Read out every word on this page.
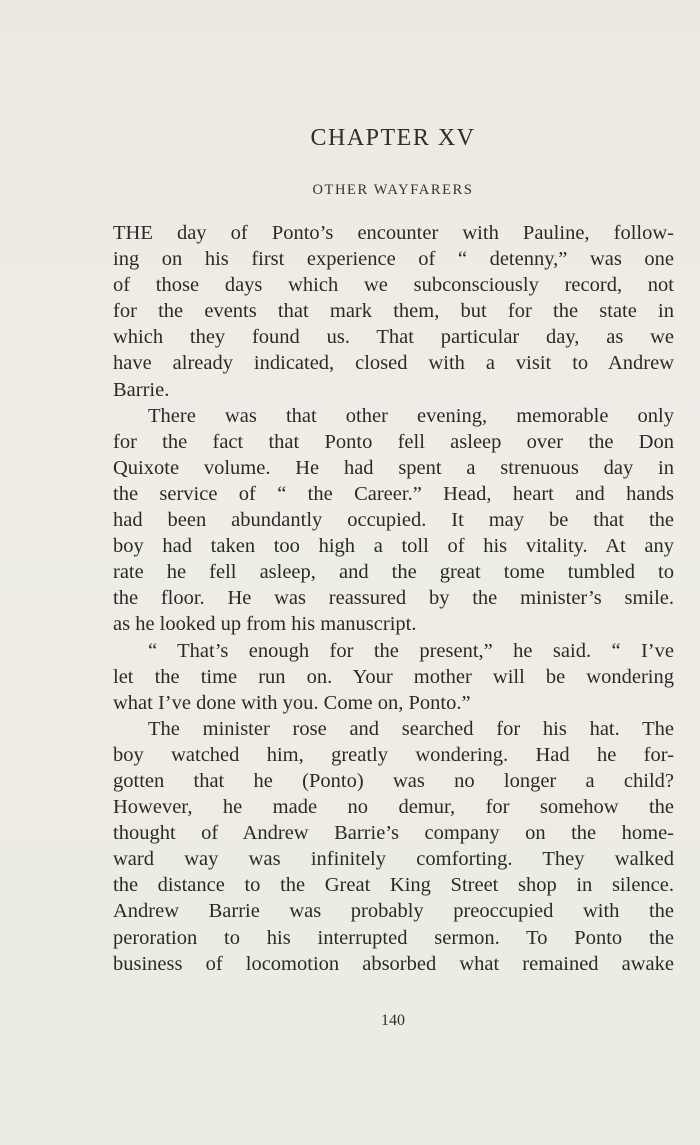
CHAPTER XV
OTHER WAYFARERS
THE day of Ponto’s encounter with Pauline, follow-
ing on his first experience of “ detenny,” was one
of those days which we subconsciously record, not
for the events that mark them, but for the state in
which they found us. That particular day, as we
have already indicated, closed with a visit to Andrew
Barrie.
There was that other evening, memorable only
for the fact that Ponto fell asleep over the Don
Quixote volume. He had spent a strenuous day in
the service of “ the Career.” Head, heart and hands
had been abundantly occupied. It may be that the
boy had taken too high a toll of his vitality. At any
rate he fell asleep, and the great tome tumbled to
the floor. He was reassured by the minister’s smile.
as he looked up from his manuscript.
“ That’s enough for the present,” he said. “ I’ve
let the time run on. Your mother will be wondering
what I’ve done with you. Come on, Ponto.”
The minister rose and searched for his hat. The
boy watched him, greatly wondering. Had he for-
gotten that he (Ponto) was no longer a child?
However, he made no demur, for somehow the
thought of Andrew Barrie’s company on the home-
ward way was infinitely comforting. They walked
the distance to the Great King Street shop in silence.
Andrew Barrie was probably preoccupied with the
peroration to his interrupted sermon. To Ponto the
business of locomotion absorbed what remained awake
140
